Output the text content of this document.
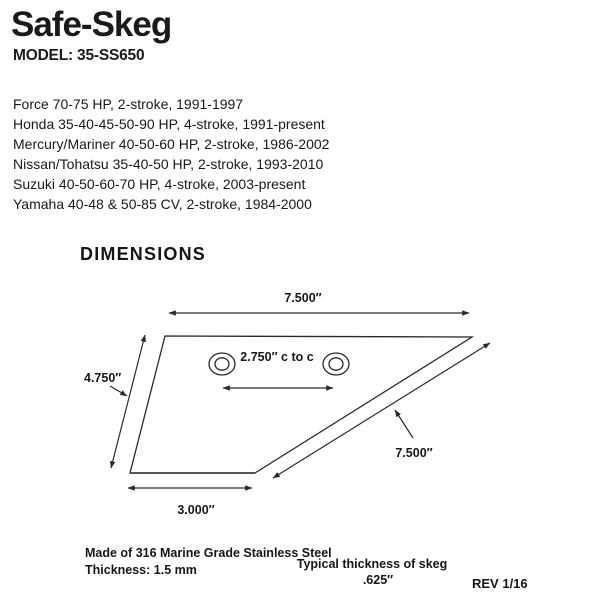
Safe-Skeg
MODEL: 35-SS650
Force 70-75 HP, 2-stroke, 1991-1997
Honda 35-40-45-50-90 HP, 4-stroke, 1991-present
Mercury/Mariner 40-50-60 HP, 2-stroke, 1986-2002
Nissan/Tohatsu 35-40-50 HP, 2-stroke, 1993-2010
Suzuki 40-50-60-70 HP, 4-stroke, 2003-present
Yamaha 40-48 & 50-85 CV, 2-stroke, 1984-2000
DIMENSIONS
7.500″
4.750″
2.750″ c to c
7.500″
3.000″
Made of 316 Marine Grade Stainless Steel
Thickness: 1.5 mm	Typical thickness of skeg
.625″	REV 1/16
